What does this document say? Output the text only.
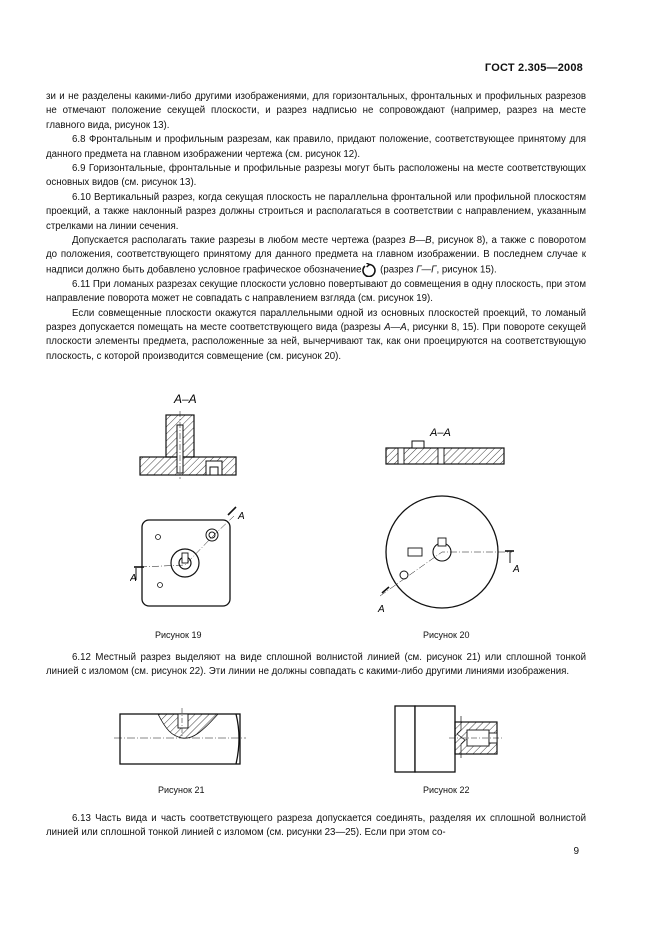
ГОСТ 2.305—2008

зи и не разделены какими-либо другими изображениями, для горизонтальных, фронтальных и профильных разрезов не отмечают положение секущей плоскости, и разрез надписью не сопровождают (например, разрез на месте главного вида, рисунок 13).

6.8 Фронтальным и профильным разрезам, как правило, придают положение, соответствующее принятому для данного предмета на главном изображении чертежа (см. рисунок 12).

6.9 Горизонтальные, фронтальные и профильные разрезы могут быть расположены на месте соответствующих основных видов (см. рисунок 13).

6.10 Вертикальный разрез, когда секущая плоскость не параллельна фронтальной или профильной плоскостям проекций, а также наклонный разрез должны строиться и располагаться в соответствии с направлением, указанным стрелками на линии сечения.

Допускается располагать такие разрезы в любом месте чертежа (разрез В—В, рисунок 8), а также с поворотом до положения, соответствующего принятому для данного предмета на главном изображении. В последнем случае к надписи должно быть добавлено условное графическое обозначение (разрез Г—Г, рисунок 15).

6.11 При ломаных разрезах секущие плоскости условно повертывают до совмещения в одну плоскость, при этом направление поворота может не совпадать с направлением взгляда (см. рисунок 19).

Если совмещенные плоскости окажутся параллельными одной из основных плоскостей проекций, то ломаный разрез допускается помещать на месте соответствующего вида (разрезы А—А, рисунки 8, 15). При повороте секущей плоскости элементы предмета, расположенные за ней, вычерчивают так, как они проецируются на соответствующую плоскость, с которой производится совмещение (см. рисунок 20).

А–А
А
А
Рисунок 19
А–А
А
А
Рисунок 20

6.12 Местный разрез выделяют на виде сплошной волнистой линией (см. рисунок 21) или сплошной тонкой линией с изломом (см. рисунок 22). Эти линии не должны совпадать с какими-либо другими линиями изображения.

Рисунок 21	Рисунок 22

6.13 Часть вида и часть соответствующего разреза допускается соединять, разделяя их сплошной волнистой линией или сплошной тонкой линией с изломом (см. рисунки 23—25). Если при этом со-

9
